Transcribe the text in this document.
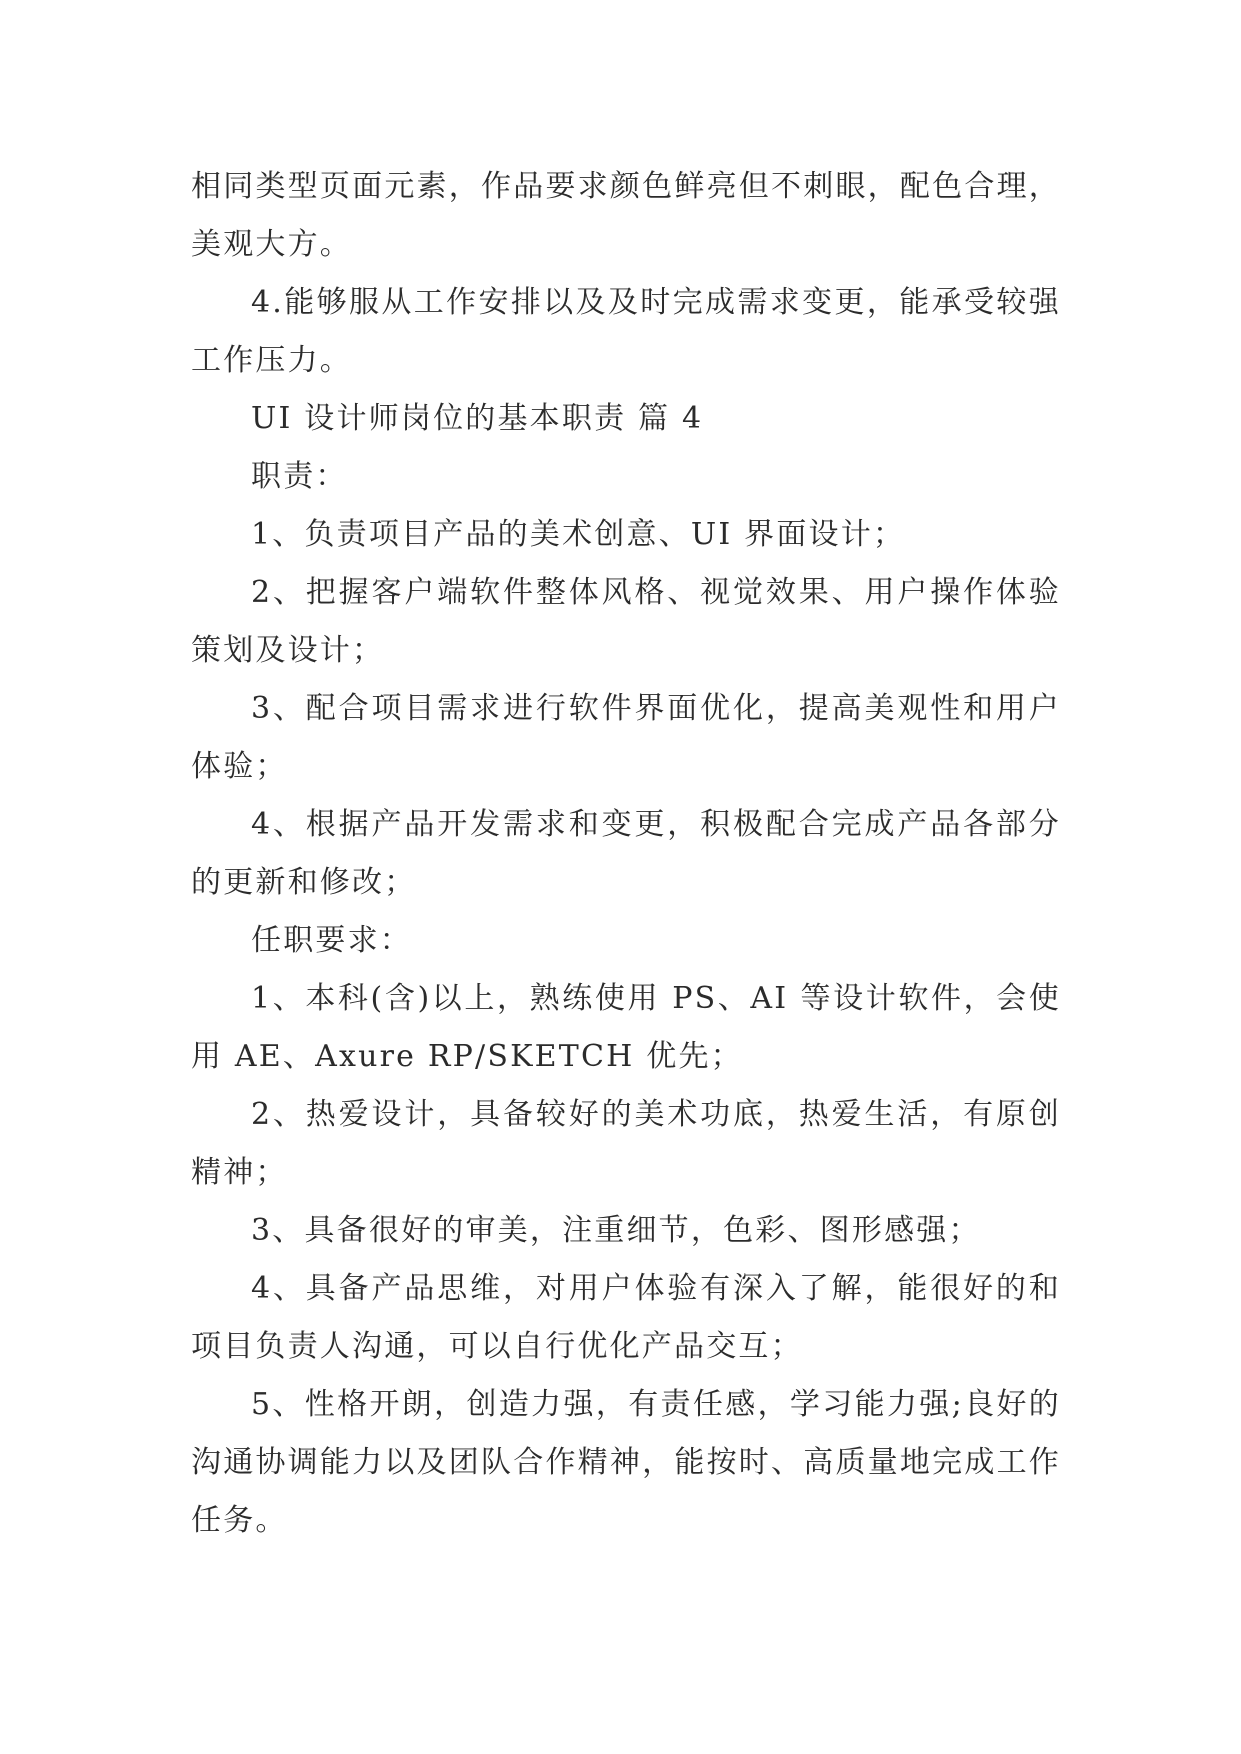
相同类型页面元素，作品要求颜色鲜亮但不刺眼，配色合理，美观大方。

4.能够服从工作安排以及及时完成需求变更，能承受较强工作压力。

UI 设计师岗位的基本职责 篇 4

职责：

1、负责项目产品的美术创意、UI 界面设计；

2、把握客户端软件整体风格、视觉效果、用户操作体验策划及设计；

3、配合项目需求进行软件界面优化，提高美观性和用户体验；

4、根据产品开发需求和变更，积极配合完成产品各部分的更新和修改；

任职要求：

1、本科(含)以上，熟练使用 PS、AI 等设计软件，会使用 AE、Axure RP/SKETCH 优先；

2、热爱设计，具备较好的美术功底，热爱生活，有原创精神；

3、具备很好的审美，注重细节，色彩、图形感强；

4、具备产品思维，对用户体验有深入了解，能很好的和项目负责人沟通，可以自行优化产品交互；

5、性格开朗，创造力强，有责任感，学习能力强;良好的沟通协调能力以及团队合作精神，能按时、高质量地完成工作任务。
